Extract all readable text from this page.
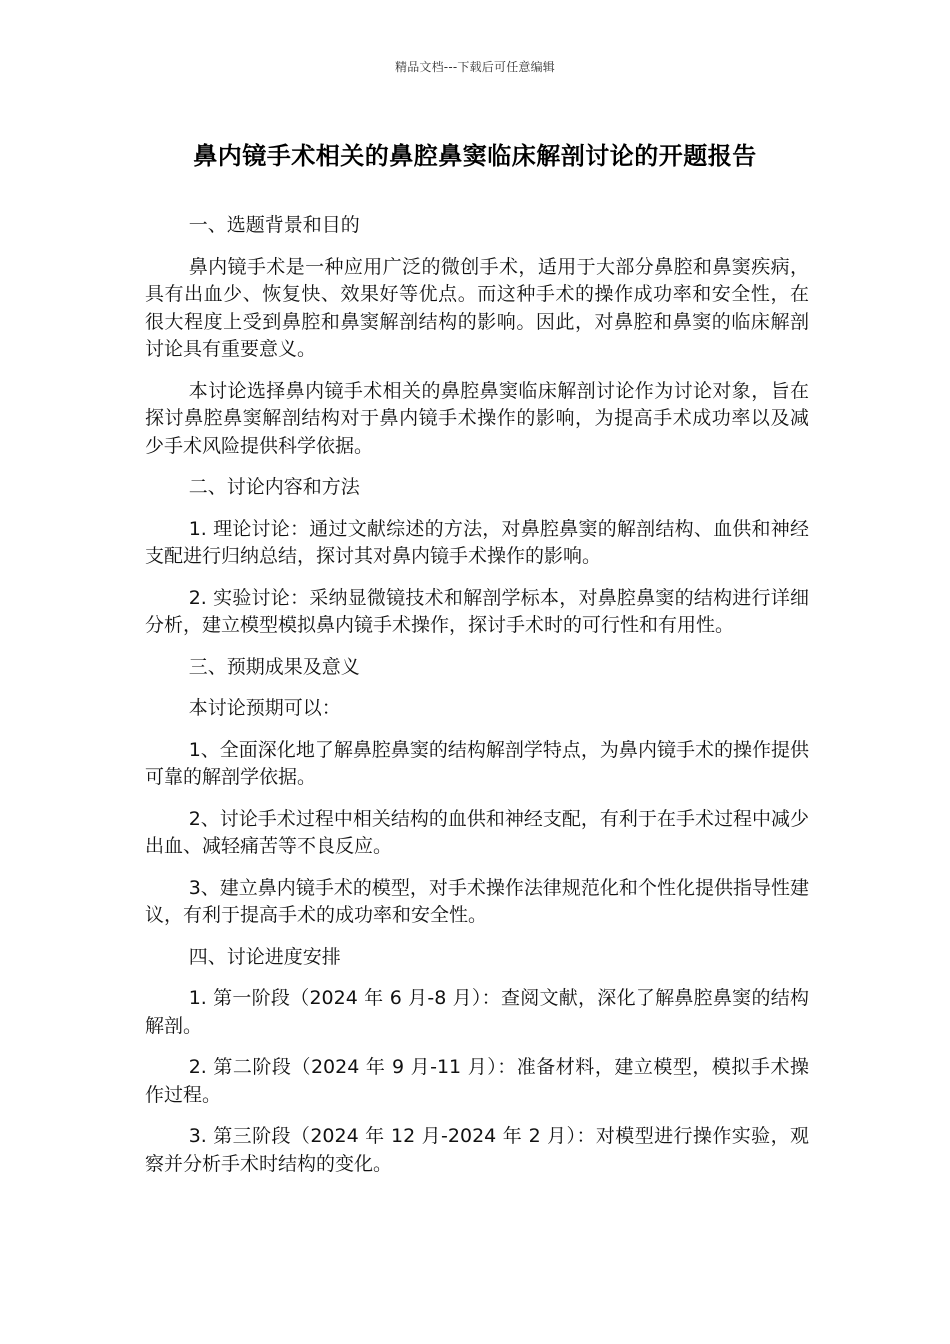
精品文档---下载后可任意编辑
鼻内镜手术相关的鼻腔鼻窦临床解剖讨论的开题报告

一、选题背景和目的

鼻内镜手术是一种应用广泛的微创手术，适用于大部分鼻腔和鼻窦疾病，具有出血少、恢复快、效果好等优点。而这种手术的操作成功率和安全性，在很大程度上受到鼻腔和鼻窦解剖结构的影响。因此，对鼻腔和鼻窦的临床解剖讨论具有重要意义。

本讨论选择鼻内镜手术相关的鼻腔鼻窦临床解剖讨论作为讨论对象，旨在探讨鼻腔鼻窦解剖结构对于鼻内镜手术操作的影响，为提高手术成功率以及减少手术风险提供科学依据。

二、讨论内容和方法

1. 理论讨论：通过文献综述的方法，对鼻腔鼻窦的解剖结构、血供和神经支配进行归纳总结，探讨其对鼻内镜手术操作的影响。

2. 实验讨论：采纳显微镜技术和解剖学标本，对鼻腔鼻窦的结构进行详细分析，建立模型模拟鼻内镜手术操作，探讨手术时的可行性和有用性。

三、预期成果及意义

本讨论预期可以：

1、全面深化地了解鼻腔鼻窦的结构解剖学特点，为鼻内镜手术的操作提供可靠的解剖学依据。

2、讨论手术过程中相关结构的血供和神经支配，有利于在手术过程中减少出血、减轻痛苦等不良反应。

3、建立鼻内镜手术的模型，对手术操作法律规范化和个性化提供指导性建议，有利于提高手术的成功率和安全性。

四、讨论进度安排

1. 第一阶段（2024 年 6 月-8 月）：查阅文献，深化了解鼻腔鼻窦的结构解剖。

2. 第二阶段（2024 年 9 月-11 月）：准备材料，建立模型，模拟手术操作过程。

3. 第三阶段（2024 年 12 月-2024 年 2 月）：对模型进行操作实验，观察并分析手术时结构的变化。
